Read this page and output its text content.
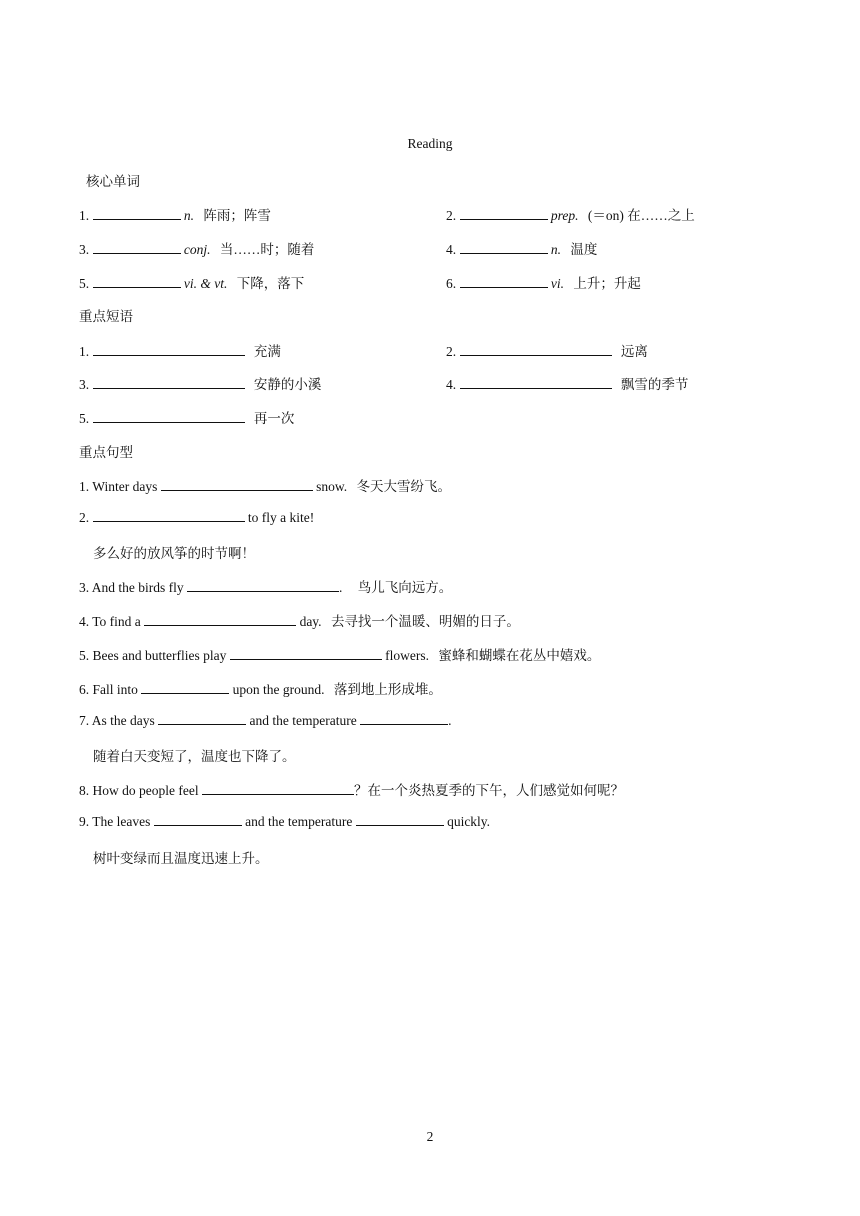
Reading
核心单词
1.	n. 阵雨；阵雪	2.	prep. (＝on) 在……之上
3.	conj. 当……时；随着	4.	n. 温度
5.	vi. & vt. 下降，落下	6.	vi. 上升；升起
重点短语
1.	充满	2.	远离
3.	安静的小溪	4.	飘雪的季节
5.	再一次
重点句型
1. Winter days	snow. 冬天大雪纷飞。
2.	to fly a kite!
多么好的放风筝的时节啊！
3. And the birds fly	. 鸟儿飞向远方。
4. To find a	day. 去寻找一个温暖、明媚的日子。
5. Bees and butterflies play	flowers. 蜜蜂和蝴蝶在花丛中嬉戏。
6. Fall into	upon the ground. 落到地上形成堆。
7. As the days	and the temperature	.
随着白天变短了，温度也下降了。
8. How do people feel	？在一个炎热夏季的下午，人们感觉如何呢？
9. The leaves	and the temperature	quickly.
树叶变绿而且温度迅速上升。
2
